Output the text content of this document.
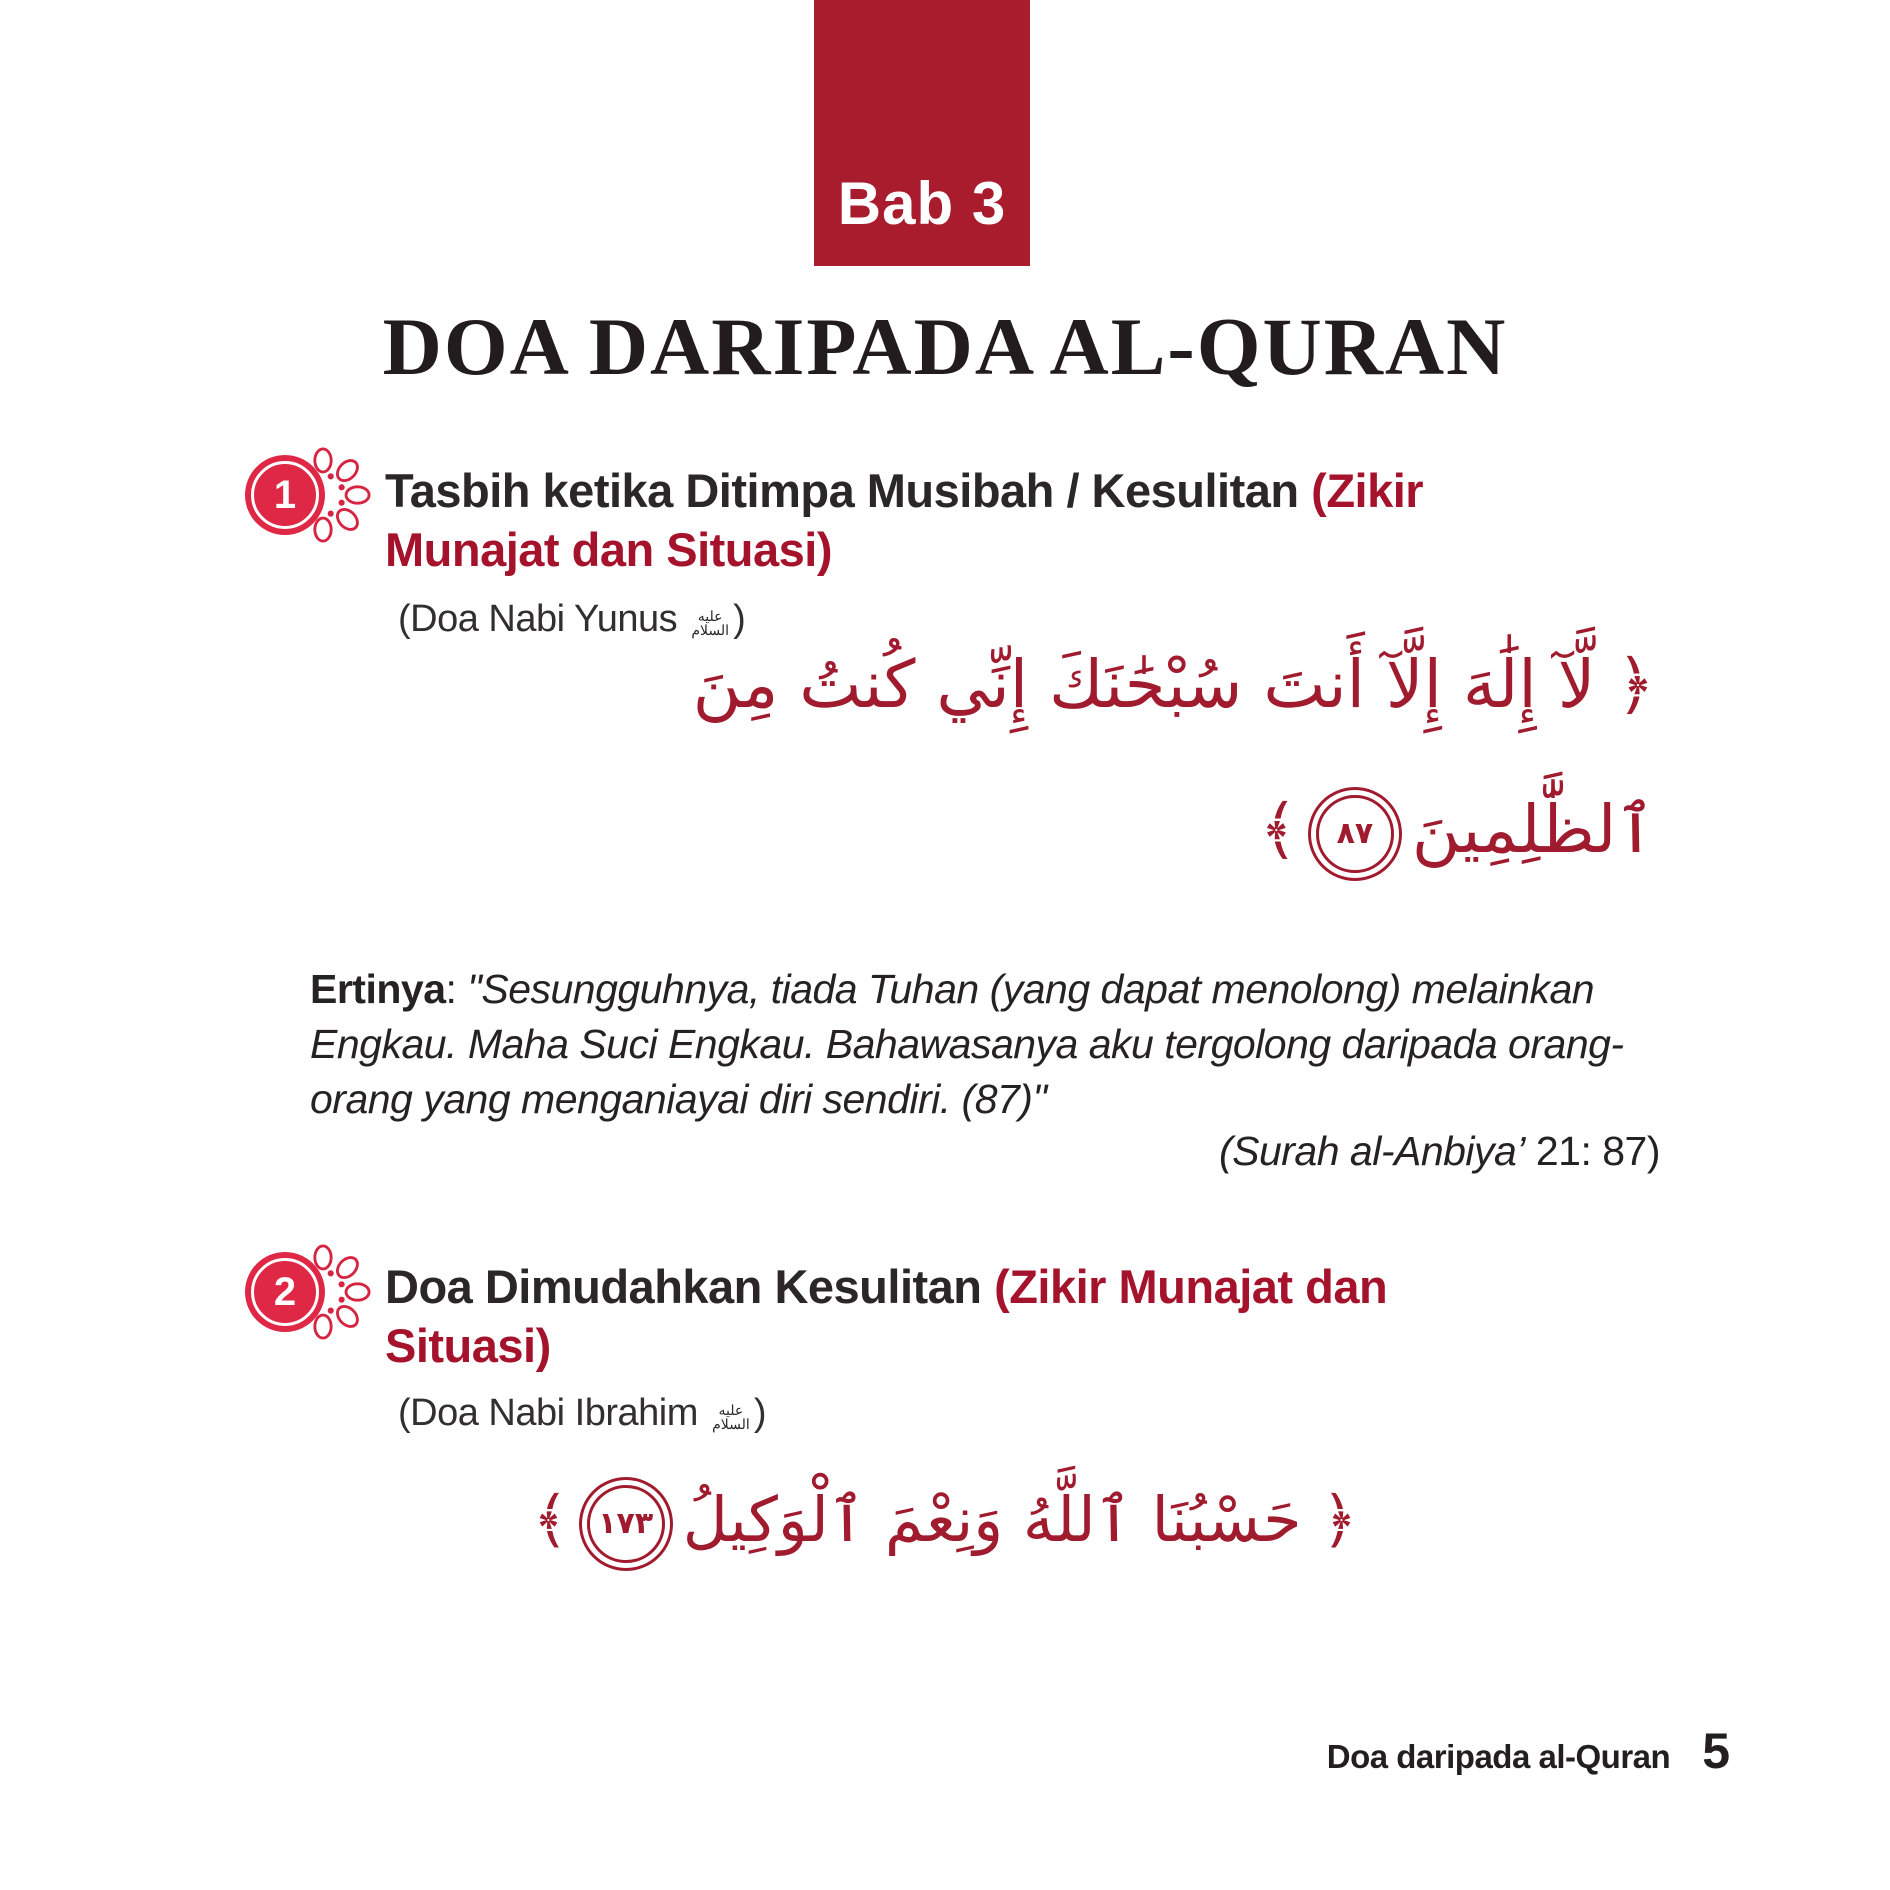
Bab 3
DOA DARIPADA AL-QURAN
1 Tasbih ketika Ditimpa Musibah / Kesulitan (Zikir Munajat dan Situasi)

(Doa Nabi Yunus عليه السلام )

﴿ لَّآ إِلَٰهَ إِلَّآ أَنتَ سُبْحَٰنَكَ إِنِّي كُنتُ مِنَ
ٱلظَّٰلِمِينَ
٨٧
﴾

Ertinya: "Sesungguhnya, tiada Tuhan (yang dapat menolong) melainkan Engkau. Maha Suci Engkau. Bahawasanya aku tergolong daripada orang-orang yang menganiayai diri sendiri. (87)"

(Surah al-Anbiya’ 21: 87)

2 Doa Dimudahkan Kesulitan (Zikir Munajat dan Situasi)

(Doa Nabi Ibrahim عليه السلام )

﴿ حَسْبُنَا ٱللَّهُ وَنِعْمَ ٱلْوَكِيلُ
١٧٣
﴾
Doa daripada al-Quran 5
